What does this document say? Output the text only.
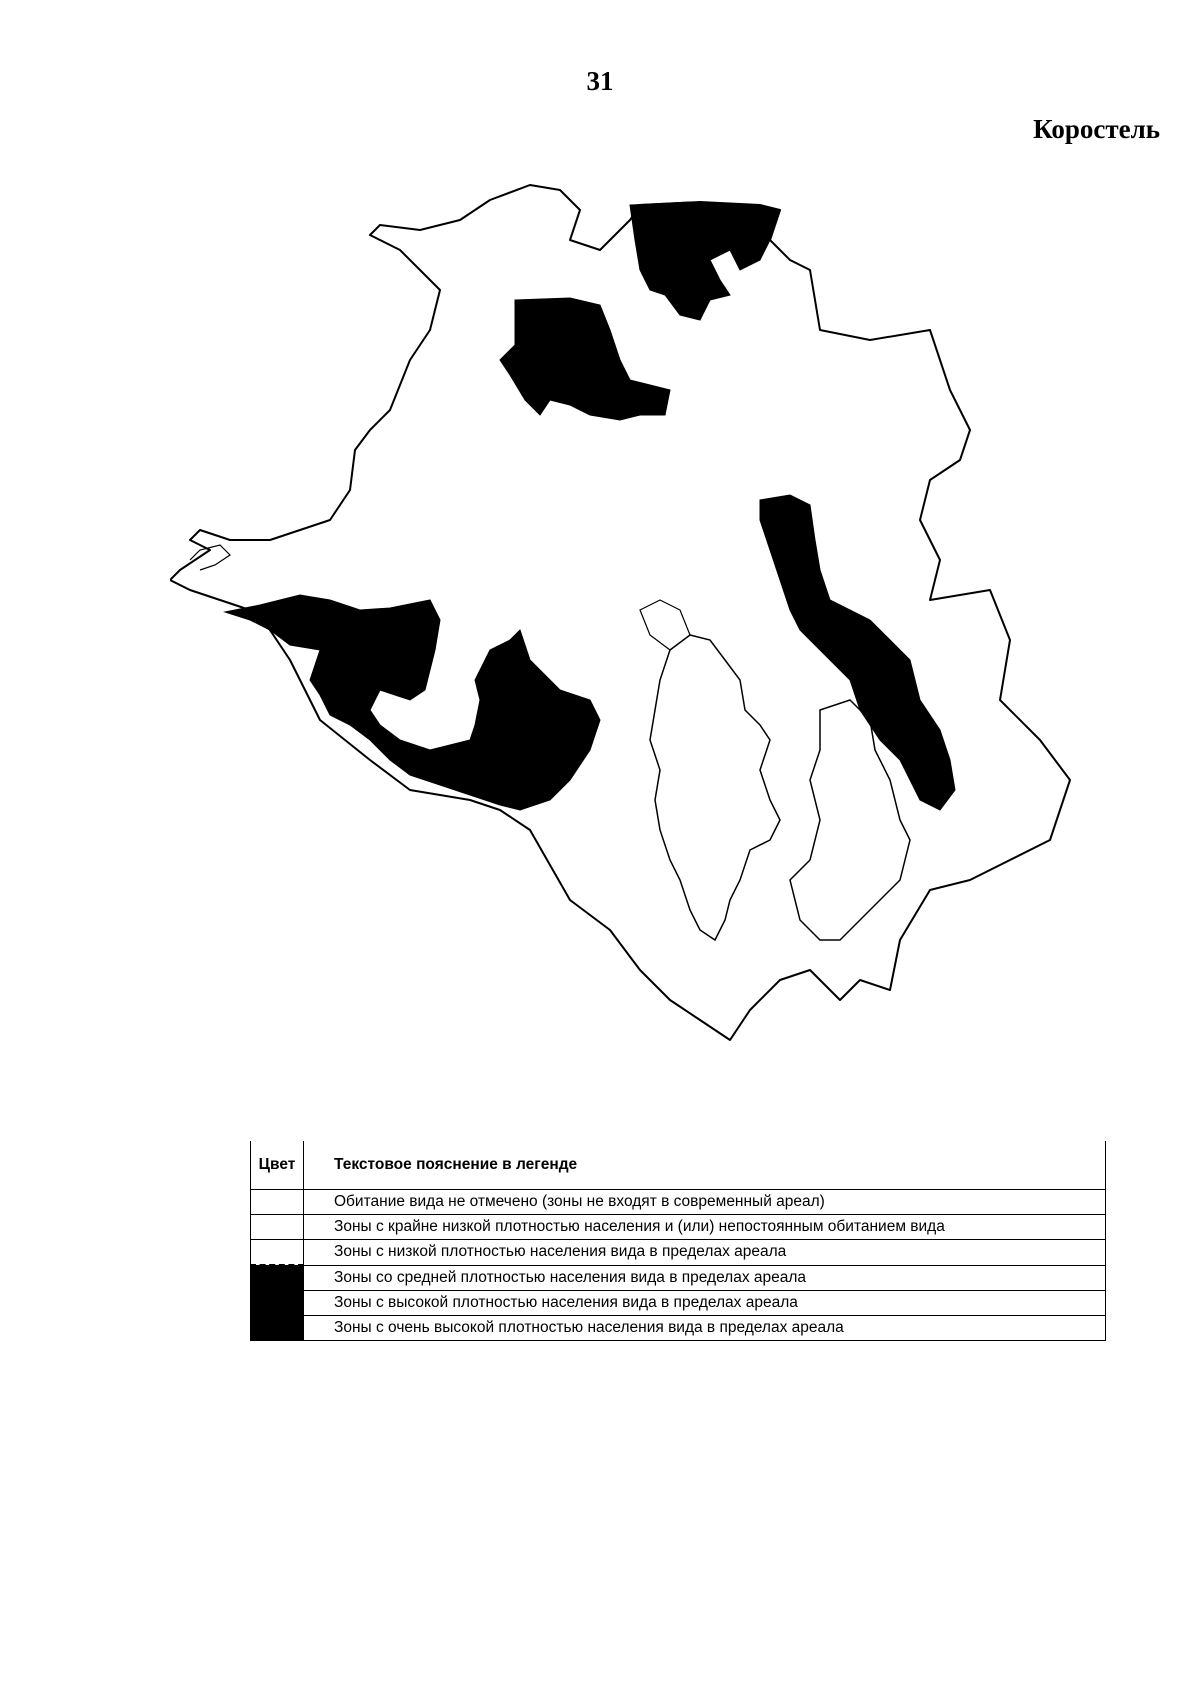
31
Коростель
Цвет	Текстовое пояснение в легенде
	Обитание вида не отмечено (зоны не входят в современный ареал)
	Зоны с крайне низкой плотностью населения и (или) непостоянным обитанием вида
	Зоны с низкой плотностью населения вида в пределах ареала
	Зоны со средней плотностью населения вида в пределах ареала
	Зоны с высокой плотностью населения вида в пределах ареала
	Зоны с очень высокой плотностью населения вида в пределах ареала
